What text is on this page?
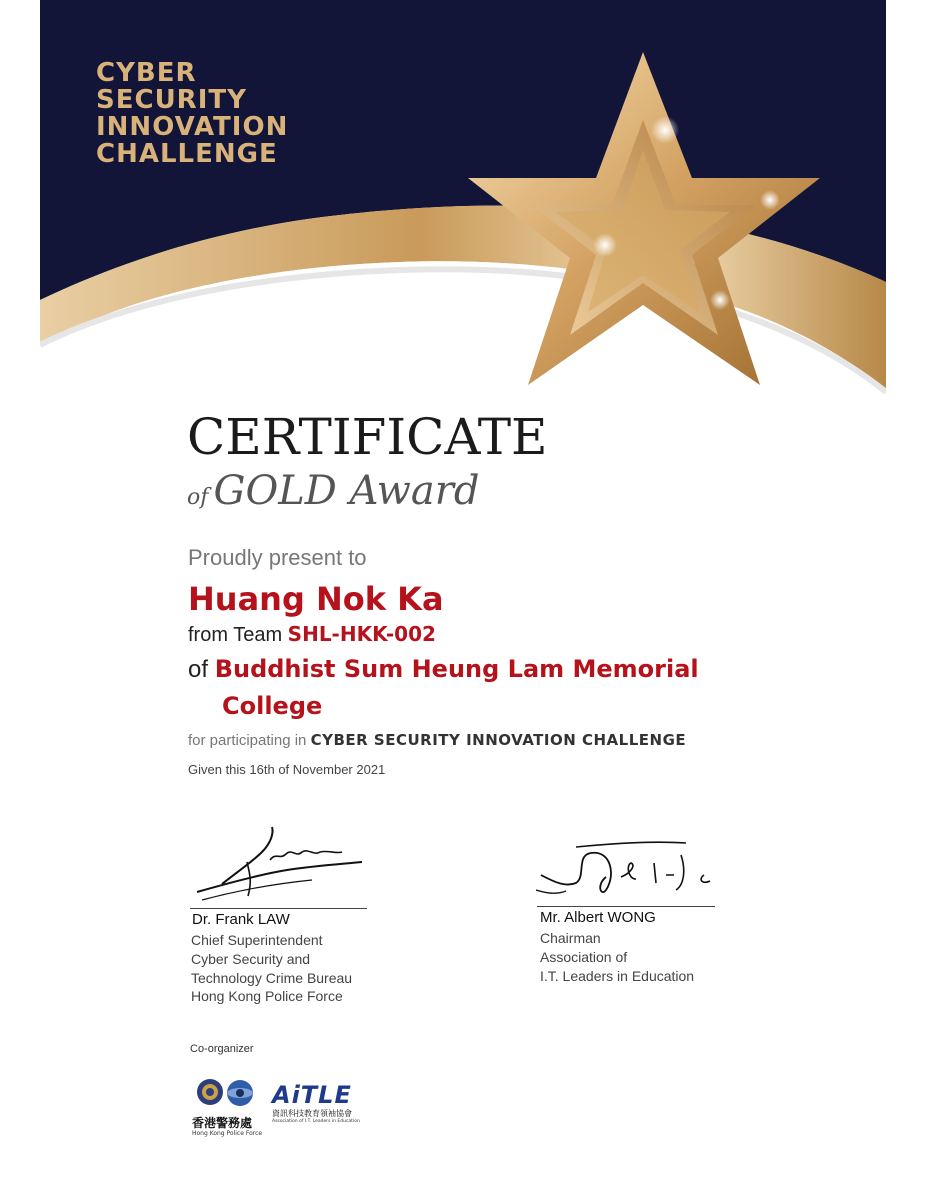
CYBER
SECURITY
INNOVATION
CHALLENGE
CERTIFICATE
of GOLD Award
Proudly present to
Huang Nok Ka
from Team SHL-HKK-002
of Buddhist Sum Heung Lam Memorial
College
for participating in CYBER SECURITY INNOVATION CHALLENGE
Given this 16th of November 2021
Dr. Frank LAW
Chief Superintendent
Cyber Security and
Technology Crime Bureau
Hong Kong Police Force
Mr. Albert WONG
Chairman
Association of
I.T. Leaders in Education
Co-organizer
香港警務處
Hong Kong Police Force
AiTLE
資訊科技教育領袖協會
Association of I.T. Leaders in Education
